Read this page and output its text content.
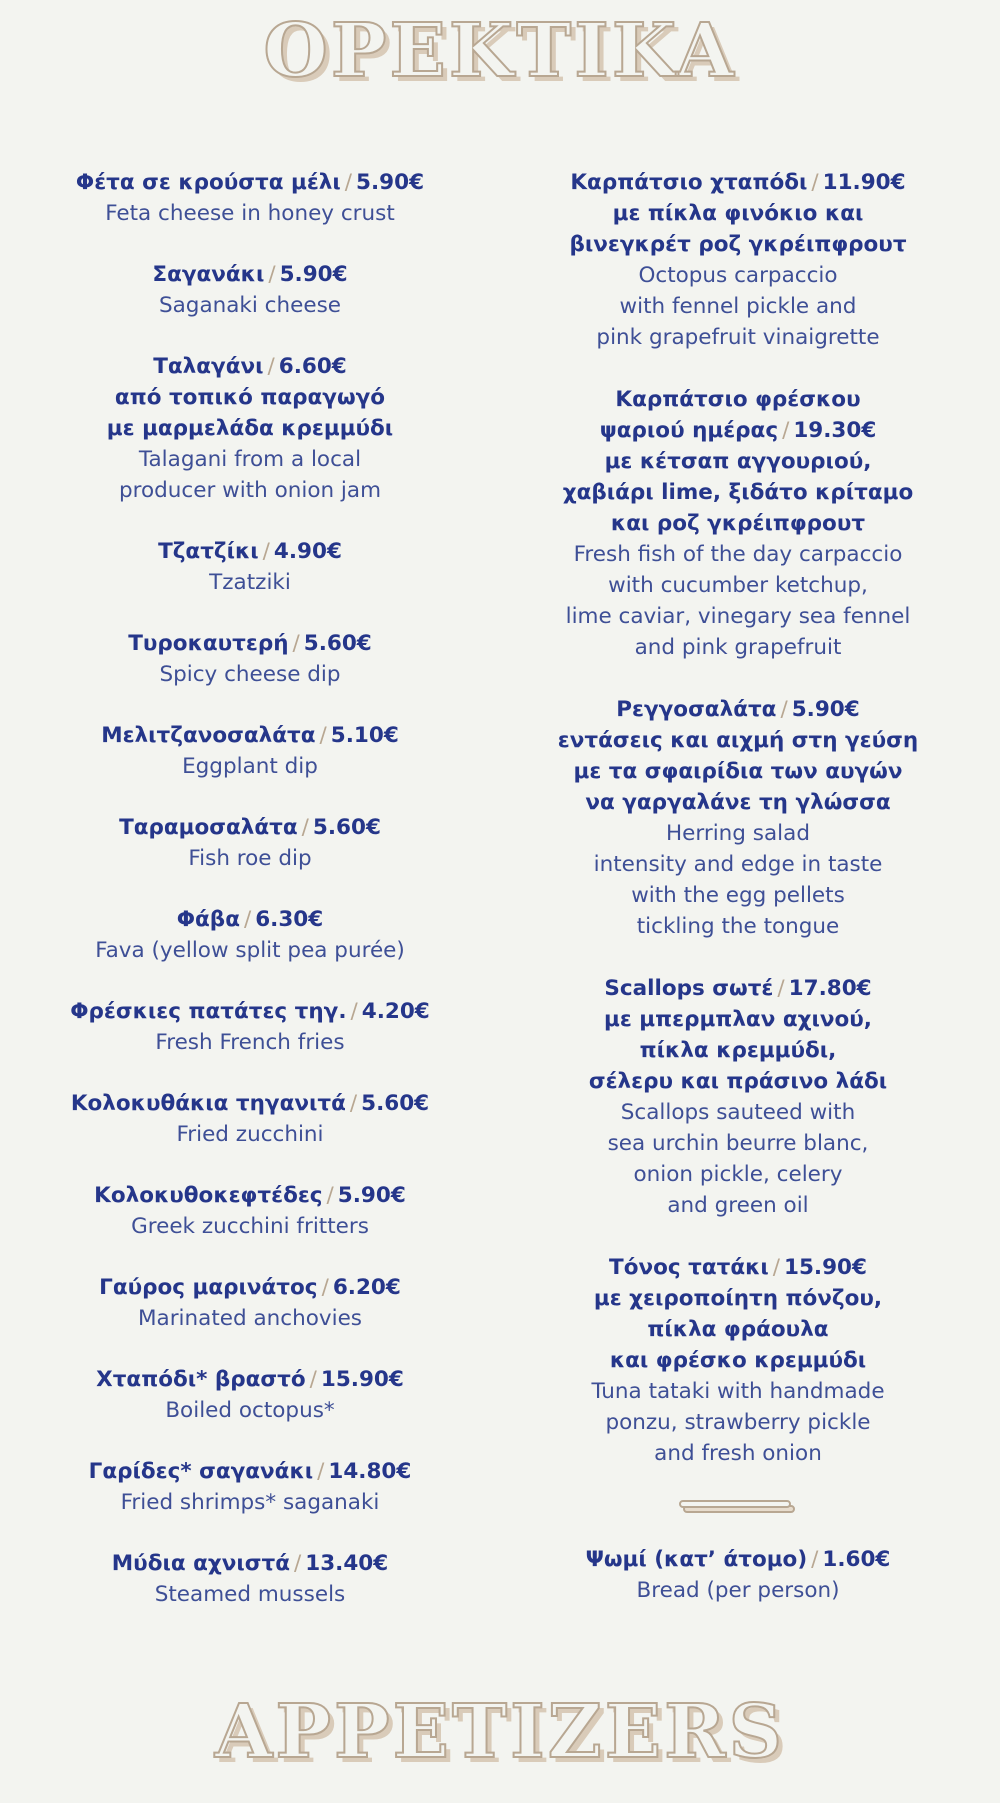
OPEKTIKA
Φέτα σε κρούστα μέλι / 5.90€
Feta cheese in honey crust
Σαγανάκι / 5.90€
Saganaki cheese
Ταλαγάνι / 6.60€
από τοπικό παραγωγό
με μαρμελάδα κρεμμύδι
Talagani from a local
producer with onion jam
Τζατζίκι / 4.90€
Tzatziki
Τυροκαυτερή / 5.60€
Spicy cheese dip
Μελιτζανοσαλάτα / 5.10€
Eggplant dip
Ταραμοσαλάτα / 5.60€
Fish roe dip
Φάβα / 6.30€
Fava (yellow split pea purée)
Φρέσκιες πατάτες τηγ. / 4.20€
Fresh French fries
Κολοκυθάκια τηγανιτά / 5.60€
Fried zucchini
Κολοκυθοκεφτέδες / 5.90€
Greek zucchini fritters
Γαύρος μαρινάτος / 6.20€
Marinated anchovies
Χταπόδι* βραστό / 15.90€
Boiled octopus*
Γαρίδες* σαγανάκι / 14.80€
Fried shrimps* saganaki
Μύδια αχνιστά / 13.40€
Steamed mussels
Καρπάτσιο χταπόδι / 11.90€
με πίκλα φινόκιο και
βινεγκρέτ ροζ γκρέιπφρουτ
Octopus carpaccio
with fennel pickle and
pink grapefruit vinaigrette
Καρπάτσιο φρέσκου
ψαριού ημέρας / 19.30€
με κέτσαπ αγγουριού,
χαβιάρι lime, ξιδάτο κρίταμο
και ροζ γκρέιπφρουτ
Fresh fish of the day carpaccio
with cucumber ketchup,
lime caviar, vinegary sea fennel
and pink grapefruit
Ρεγγοσαλάτα / 5.90€
εντάσεις και αιχμή στη γεύση
με τα σφαιρίδια των αυγών
να γαργαλάνε τη γλώσσα
Herring salad
intensity and edge in taste
with the egg pellets
tickling the tongue
Scallops σωτέ / 17.80€
με μπερμπλαν αχινού,
πίκλα κρεμμύδι,
σέλερυ και πράσινο λάδι
Scallops sauteed with
sea urchin beurre blanc,
onion pickle, celery
and green oil
Τόνος τατάκι / 15.90€
με χειροποίητη πόνζου,
πίκλα φράουλα
και φρέσκο κρεμμύδι
Tuna tataki with handmade
ponzu, strawberry pickle
and fresh onion
Ψωμί (κατ’ άτομο) / 1.60€
Bread (per person)
APPETIZERS
